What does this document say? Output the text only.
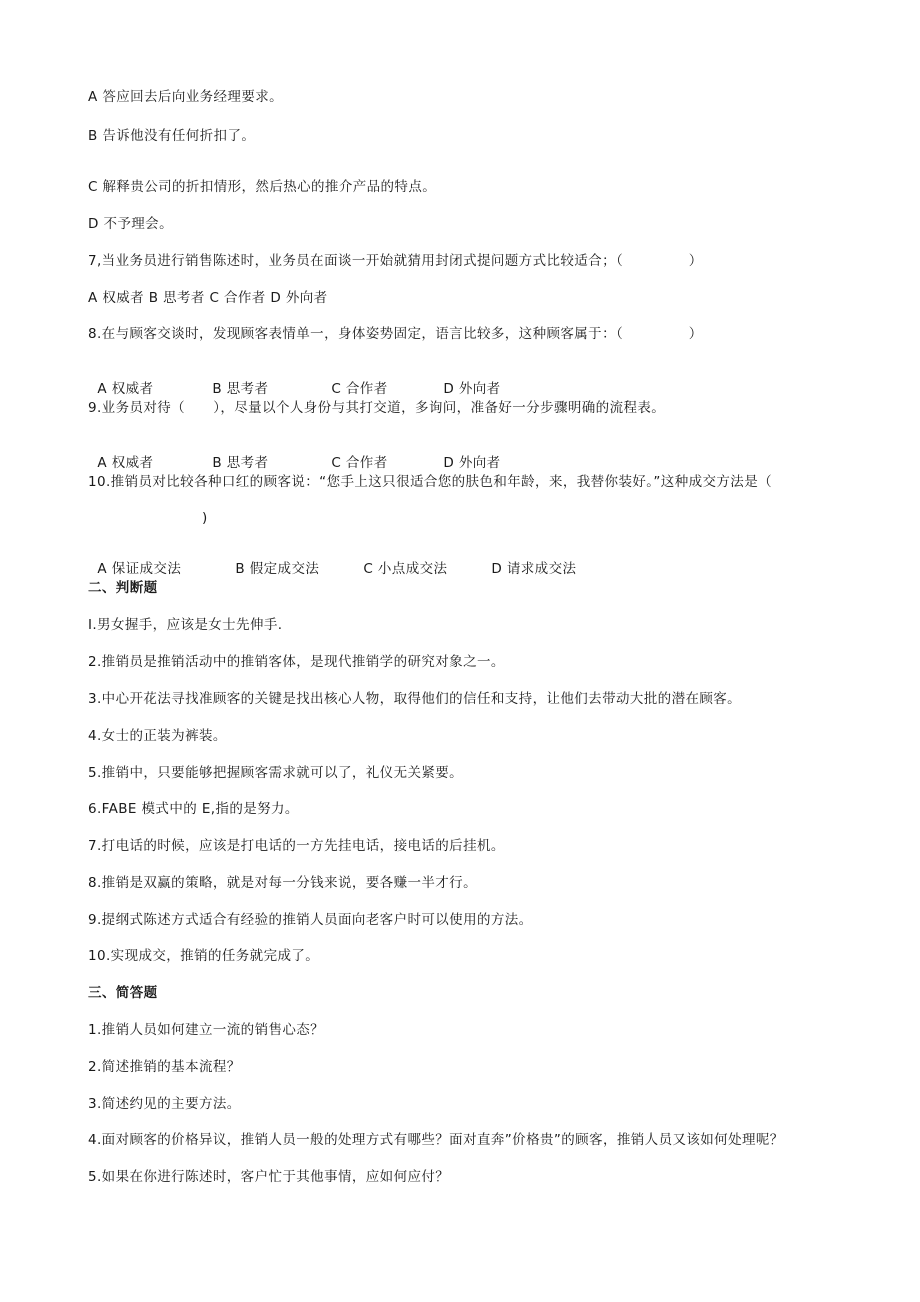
A 答应回去后向业务经理要求。
B 告诉他没有任何折扣了。
C 解释贵公司的折扣情形，然后热心的推介产品的特点。
D 不予理会。
7,当业务员进行销售陈述时，业务员在面谈一开始就猜用封闭式提问题方式比较适合；（              ）
A 权威者 B 思考者 C 合作者 D 外向者
8.在与顾客交谈时，发现顾客表情单一，身体姿势固定，语言比较多，这种顾客属于：（              ）

A 权威者	B 思考者	C 合作者	D 外向者

9.业务员对待（      ），尽量以个人身份与其打交道，多询问，准备好一分步骤明确的流程表。

A 权威者	B 思考者	C 合作者	D 外向者

10.推销员对比较各种口红的顾客说：“您手上这只很适合您的肤色和年龄，来，我替你装好。”这种成交方法是（
)

A 保证成交法	B 假定成交法	C 小点成交法	D 请求成交法

二、判断题
I.男女握手，应该是女士先伸手.
2.推销员是推销活动中的推销客体，是现代推销学的研究对象之一。
3.中心开花法寻找准顾客的关键是找出核心人物，取得他们的信任和支持，让他们去带动大批的潜在顾客。
4.女士的正装为裤装。
5.推销中，只要能够把握顾客需求就可以了，礼仪无关紧要。
6.FABE 模式中的 E,指的是努力。
7.打电话的时候，应该是打电话的一方先挂电话，接电话的后挂机。
8.推销是双赢的策略，就是对每一分钱来说，要各赚一半才行。
9.提纲式陈述方式适合有经验的推销人员面向老客户时可以使用的方法。
10.实现成交，推销的任务就完成了。
三、简答题
1.推销人员如何建立一流的销售心态？
2.简述推销的基本流程？
3.简述约见的主要方法。
4.面对顾客的价格异议，推销人员一般的处理方式有哪些？面对直奔”价格贵”的顾客，推销人员又该如何处理呢？
5.如果在你进行陈述时，客户忙于其他事情，应如何应付？
